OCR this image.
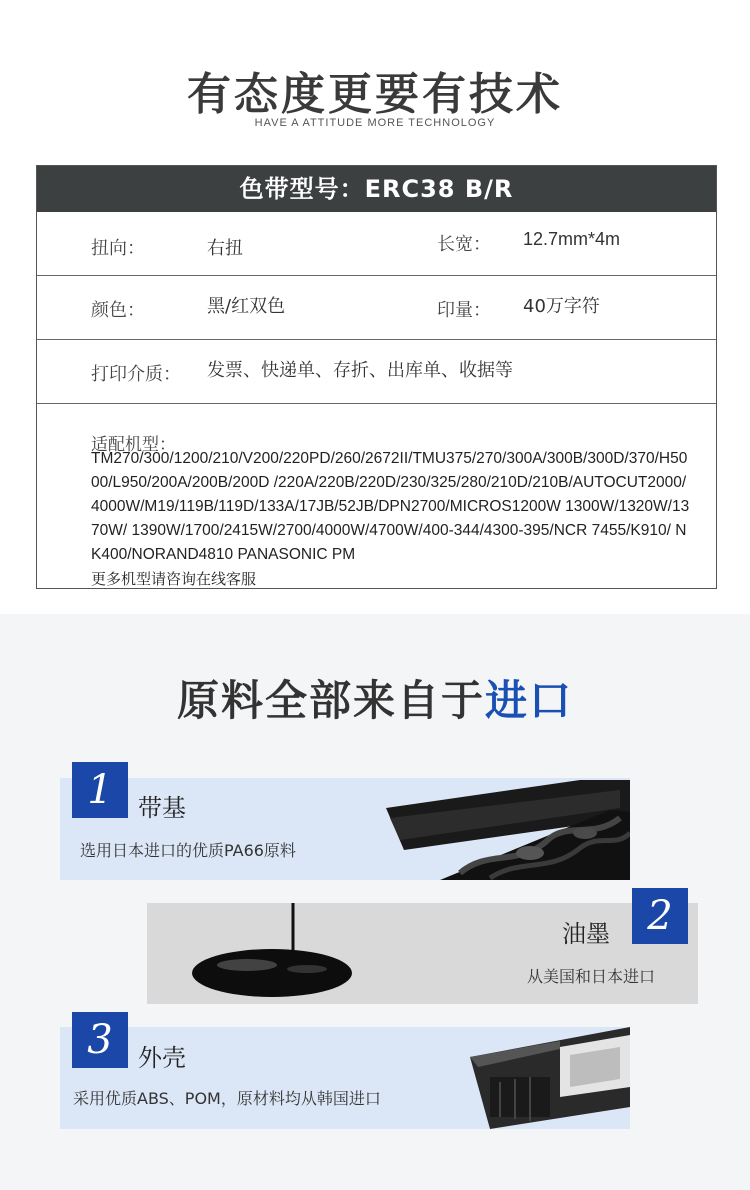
有态度更要有技术
HAVE A ATTITUDE MORE TECHNOLOGY
色带型号：ERC38 B/R
扭向：	右扭	长宽： 12.7mm*4m
颜色：	黑/红双色	印量： 40万字符
打印介质： 发票、快递单、存折、出库单、收据等
适配机型：
TM270/300/1200/210/V200/220PD/260/2672II/TMU375/270/300A/300B/300D/370/H5000/L950/200A/200B/200D /220A/220B/220D/230/325/280/210D/210B/AUTOCUT2000/4000W/M19/119B/119D/133A/17JB/52JB/DPN2700/MICROS1200W 1300W/1320W/1370W/ 1390W/1700/2415W/2700/4000W/4700W/400-344/4300-395/NCR 7455/K910/ NK400/NORAND4810 PANASONIC PM
更多机型请咨询在线客服
原料全部来自于进口
1	带基
选用日本进口的优质PA66原料
2
油墨
从美国和日本进口
3	外壳
采用优质ABS、POM，原材料均从韩国进口
